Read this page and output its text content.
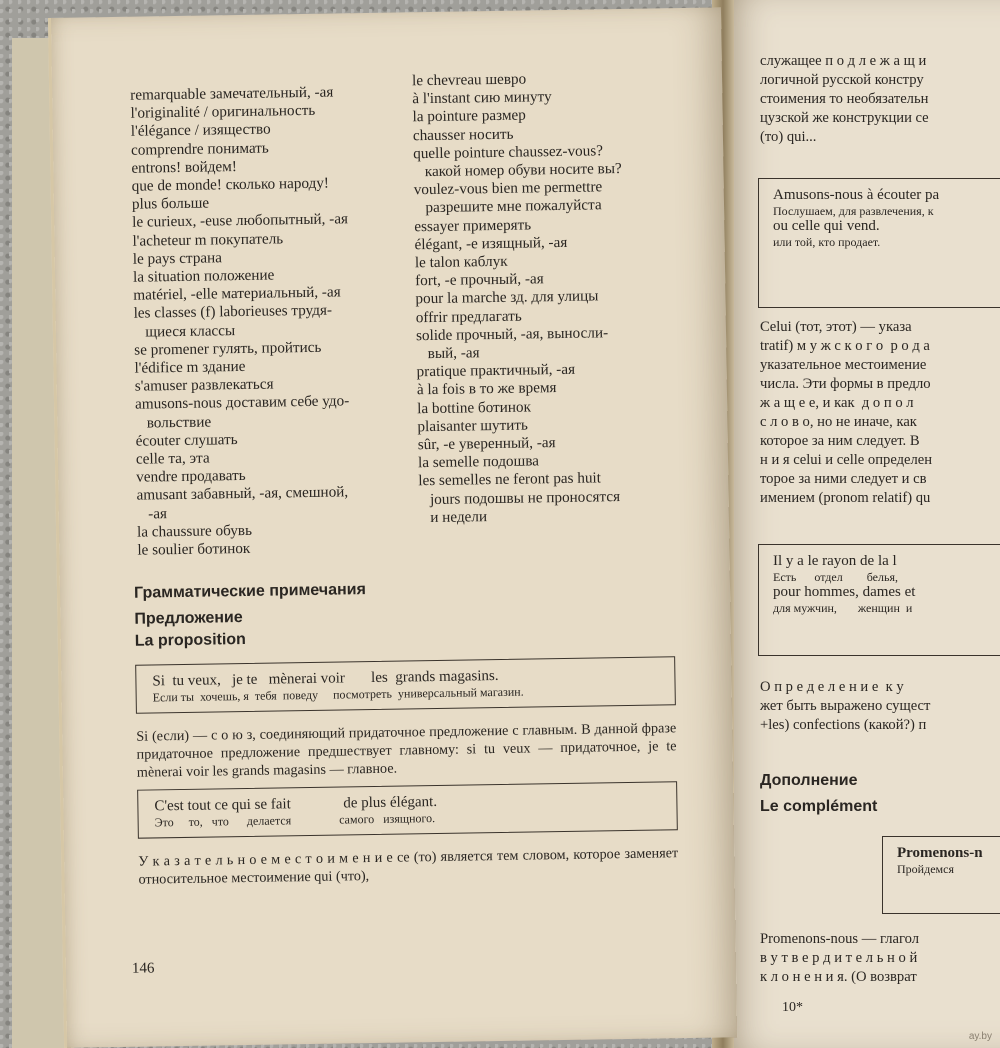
remarquable замечательный, -ая
l'originalité / оригинальность
l'élégance / изящество
comprendre понимать
entrons! войдем!
que de monde! сколько народу!
plus больше
le curieux, -euse любопытный, -ая
l'acheteur m покупатель
le pays страна
la situation положение
matériel, -elle материальный, -ая
les classes (f) laborieuses трудя-
щиеся классы
se promener гулять, пройтись
l'édifice m здание
s'amuser развлекаться
amusons-nous доставим себе удо-
вольствие
écouter слушать
celle та, эта
vendre продавать
amusant забавный, -ая, смешной,
-ая
la chaussure обувь
le soulier ботинок
le chevreau шевро
à l'instant сию минуту
la pointure размер
chausser носить
quelle pointure chaussez-vous?
какой номер обуви носите вы?
voulez-vous bien me permettre
разрешите мне пожалуйста
essayer примерять
élégant, -e изящный, -ая
le talon каблук
fort, -e прочный, -ая
pour la marche зд. для улицы
offrir предлагать
solide прочный, -ая, выносли-
вый, -ая
pratique практичный, -ая
à la fois в то же время
la bottine ботинок
plaisanter шутить
sûr, -e уверенный, -ая
la semelle подошва
les semelles ne feront pas huit
jours подошвы не проносятся
и недели
Грамматические примечания
Предложение
La proposition
Si  tu veux,   je te   mènerai voir       les  grands magasins.
Если ты  хочешь, я  тебя  поведу     посмотреть  универсальный магазин.

Si (если) — с о ю з, соединяющий придаточное предложение с главным. В данной фразе придаточное предложение предшествует главному: si tu veux — придаточное, je te mènerai voir les grands magasins — главное.

C'est tout ce qui se fait              de plus élégant.
Это     то,   что      делается                самого   изящного.

У к а з а т е л ь н о е м е с т о и м е н и е ce (то) является тем словом, которое заменяет относительное местоимение qui (что),

146
служащее п о д л е ж а щ и
логичной русской констру
стоимения то необязательн
цузской же конструкции се
(то) qui...
Amusons-nous à écouter pa
Послушаем, для развлечения, к
ou celle qui vend.
или той, кто продает.
Celui (тот, этот) — указа
tratif) м у ж с к о г о  р о д а
указательное местоимение
числа. Эти формы в предло
ж а щ е е, и как  д о п о л
с л о в о, но не иначе, как
которое за ним следует. В
н и я celui и celle определен
торое за ними следует и св
имением (pronom relatif) qu
Il y a le rayon de la l
Есть      отдел        белья,
pour hommes, dames et
для мужчин,       женщин  и
О п р е д е л е н и е  к у
жет быть выражено сущест
+les) confections (какой?) п
Дополнение
Le complément
Promenons-n
Пройдемся
Promenons-nous — глагол
в у т в е р д и т е л ь н о й
к л о н е н и я. (О возврат
10*
ay.by
